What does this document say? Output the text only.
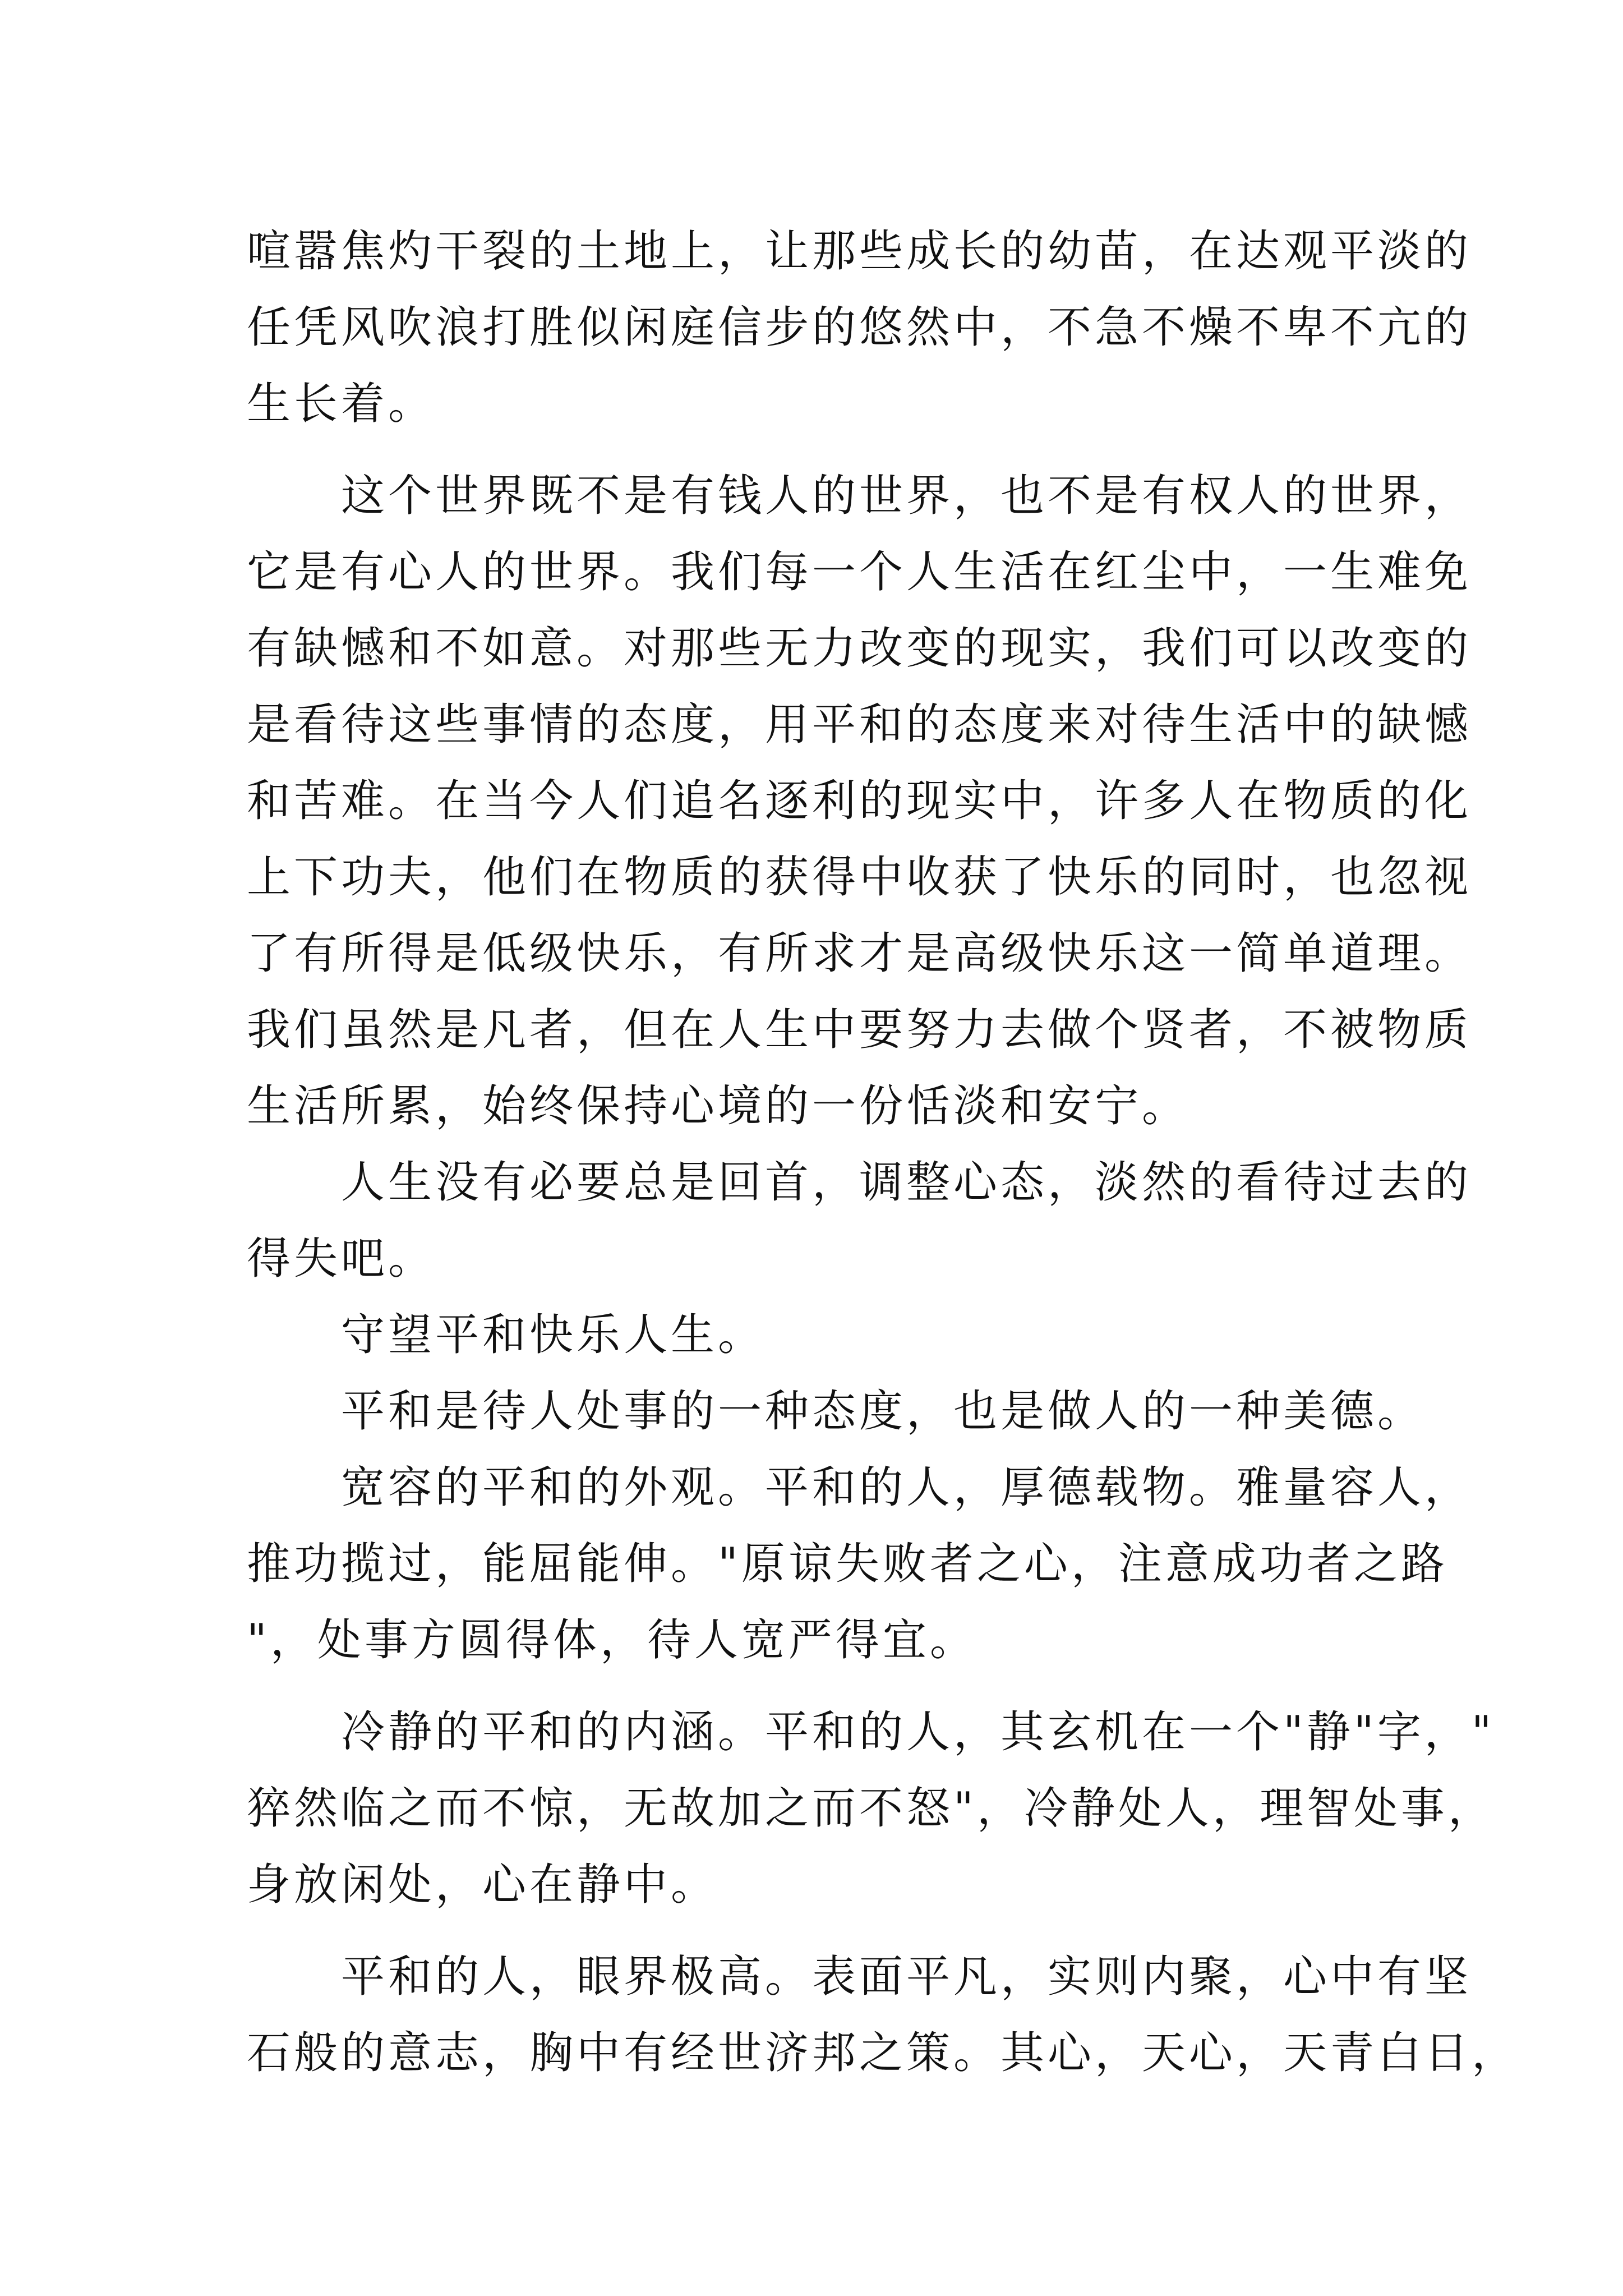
喧嚣焦灼干裂的土地上，让那些成长的幼苗，在达观平淡的
任凭风吹浪打胜似闲庭信步的悠然中，不急不燥不卑不亢的
生长着。
　　这个世界既不是有钱人的世界，也不是有权人的世界，
它是有心人的世界。我们每一个人生活在红尘中，一生难免
有缺憾和不如意。对那些无力改变的现实，我们可以改变的
是看待这些事情的态度，用平和的态度来对待生活中的缺憾
和苦难。在当今人们追名逐利的现实中，许多人在物质的化
上下功夫，他们在物质的获得中收获了快乐的同时，也忽视
了有所得是低级快乐，有所求才是高级快乐这一简单道理。
我们虽然是凡者，但在人生中要努力去做个贤者，不被物质
生活所累，始终保持心境的一份恬淡和安宁。
　　人生没有必要总是回首，调整心态，淡然的看待过去的
得失吧。
　　守望平和快乐人生。
　　平和是待人处事的一种态度，也是做人的一种美德。
　　宽容的平和的外观。平和的人，厚德载物。雅量容人，
推功揽过，能屈能伸。"原谅失败者之心，注意成功者之路
"，处事方圆得体，待人宽严得宜。
　　冷静的平和的内涵。平和的人，其玄机在一个"静"字，"
猝然临之而不惊，无故加之而不怒"，冷静处人，理智处事，
身放闲处，心在静中。
　　平和的人，眼界极高。表面平凡，实则内聚，心中有坚
石般的意志，胸中有经世济邦之策。其心，天心，天青白日，
